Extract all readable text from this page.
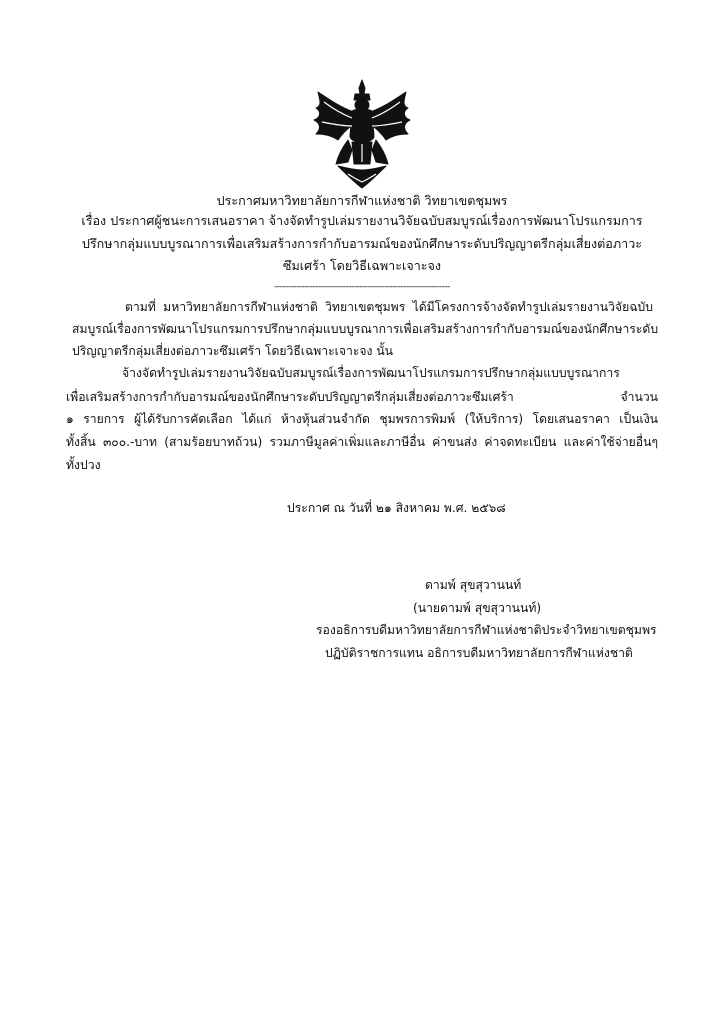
ประกาศมหาวิทยาลัยการกีฬาแห่งชาติ วิทยาเขตชุมพร
เรื่อง ประกาศผู้ชนะการเสนอราคา จ้างจัดทำรูปเล่มรายงานวิจัยฉบับสมบูรณ์เรื่องการพัฒนาโปรแกรมการ
ปรึกษากลุ่มแบบบูรณาการเพื่อเสริมสร้างการกำกับอารมณ์ของนักศึกษาระดับปริญญาตรีกลุ่มเสี่ยงต่อภาวะ
ซึมเศร้า โดยวิธีเฉพาะเจาะจง
----------------------------------------------------------------
ตามที่ มหาวิทยาลัยการกีฬาแห่งชาติ วิทยาเขตชุมพร ได้มีโครงการจ้างจัดทำรูปเล่มรายงานวิจัยฉบับ
สมบูรณ์เรื่องการพัฒนาโปรแกรมการปรึกษากลุ่มแบบบูรณาการเพื่อเสริมสร้างการกำกับอารมณ์ของนักศึกษาระดับ
ปริญญาตรีกลุ่มเสี่ยงต่อภาวะซึมเศร้า โดยวิธีเฉพาะเจาะจง นั้น
จ้างจัดทำรูปเล่มรายงานวิจัยฉบับสมบูรณ์เรื่องการพัฒนาโปรแกรมการปรึกษากลุ่มแบบบูรณาการ
เพื่อเสริมสร้างการกำกับอารมณ์ของนักศึกษาระดับปริญญาตรีกลุ่มเสี่ยงต่อภาวะซึมเศร้า จำนวน
๑ รายการ ผู้ได้รับการคัดเลือก ได้แก่ ห้างหุ้นส่วนจำกัด ชุมพรการพิมพ์ (ให้บริการ) โดยเสนอราคา เป็นเงิน
ทั้งสิ้น ๓๐๐.-บาท (สามร้อยบาทถ้วน) รวมภาษีมูลค่าเพิ่มและภาษีอื่น ค่าขนส่ง ค่าจดทะเบียน และค่าใช้จ่ายอื่นๆ
ทั้งปวง
ประกาศ ณ วันที่ ๒๑ สิงหาคม พ.ศ. ๒๕๖๘
ดามพ์ สุขสุวานนท์
(นายดามพ์ สุขสุวานนท์)
รองอธิการบดีมหาวิทยาลัยการกีฬาแห่งชาติประจำวิทยาเขตชุมพร
ปฏิบัติราชการแทน อธิการบดีมหาวิทยาลัยการกีฬาแห่งชาติ
